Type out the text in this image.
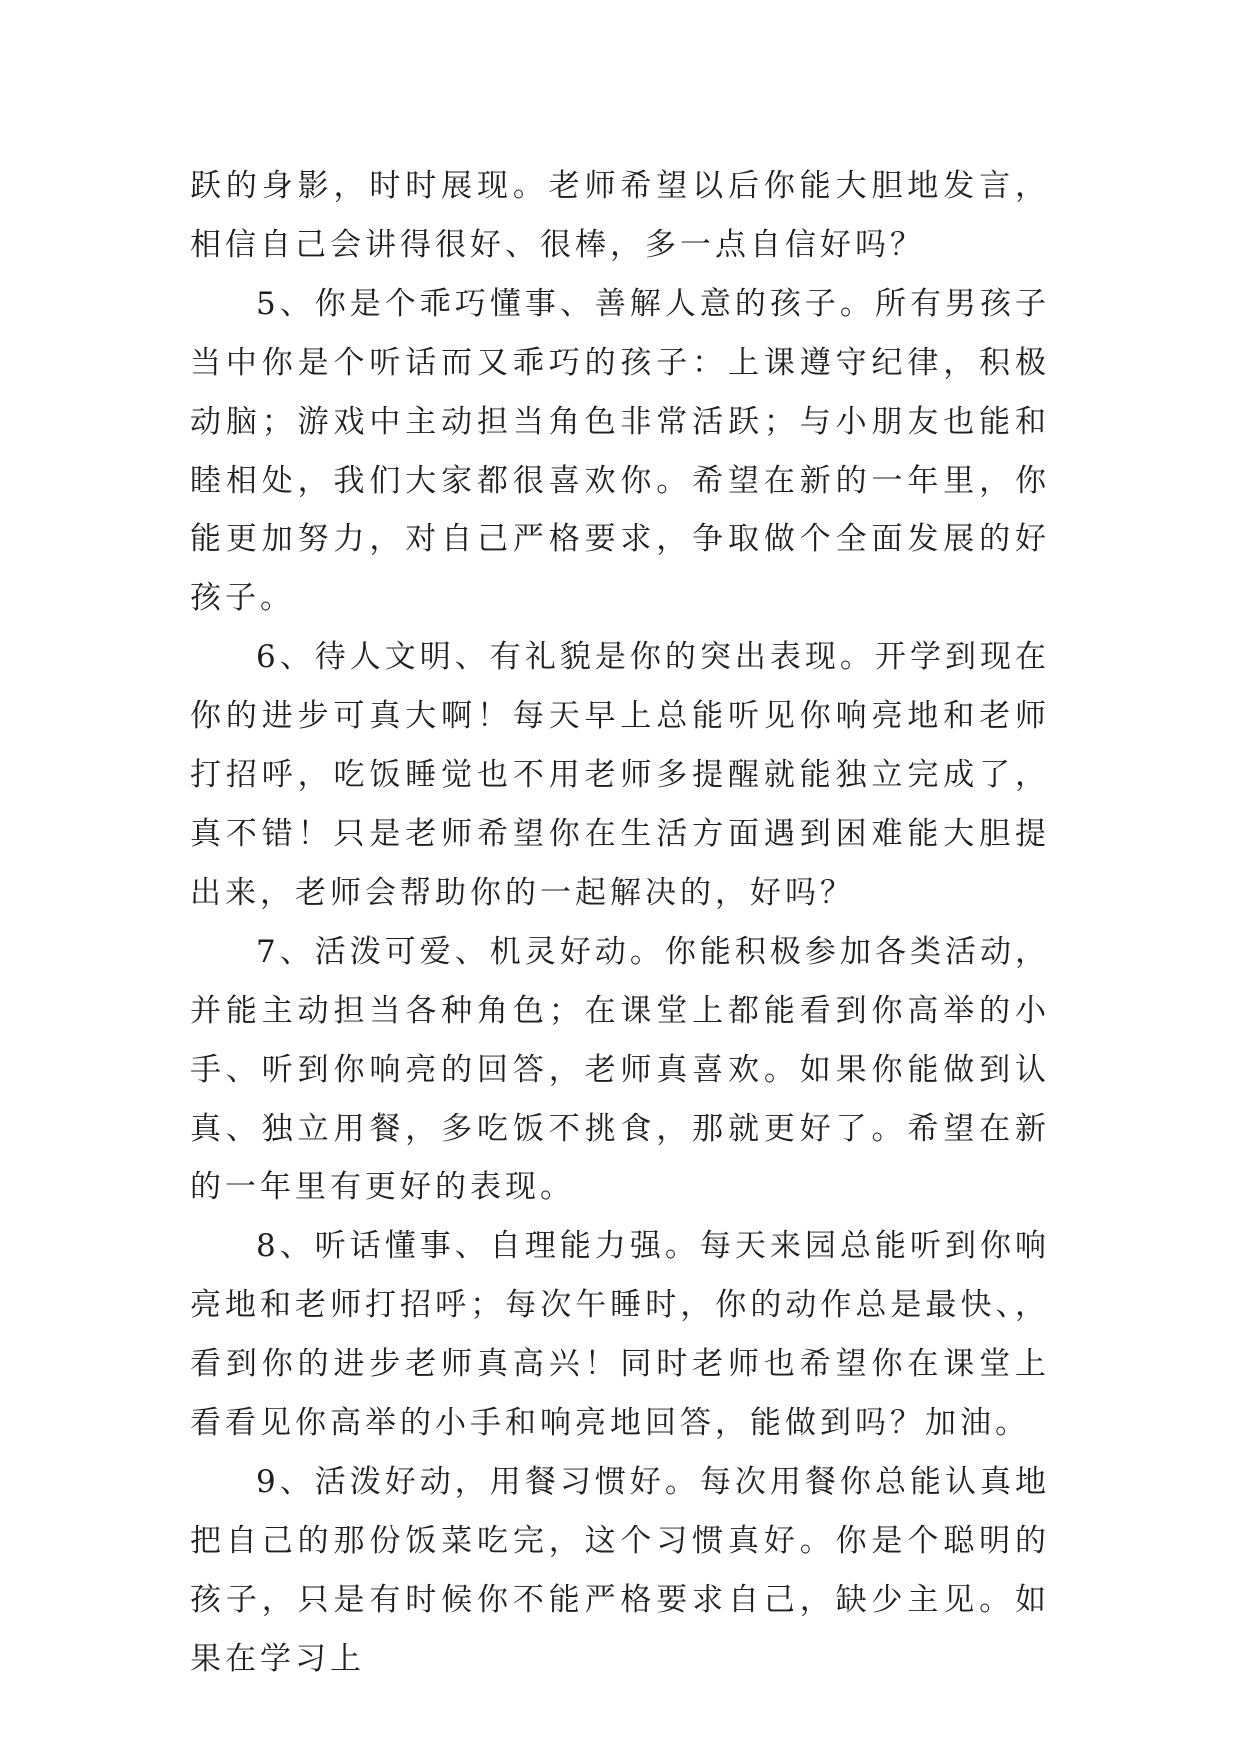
跃的身影，时时展现。老师希望以后你能大胆地发言，相信自己会讲得很好、很棒，多一点自信好吗？

5、你是个乖巧懂事、善解人意的孩子。所有男孩子当中你是个听话而又乖巧的孩子：上课遵守纪律，积极动脑；游戏中主动担当角色非常活跃；与小朋友也能和睦相处，我们大家都很喜欢你。希望在新的一年里，你能更加努力，对自己严格要求，争取做个全面发展的好孩子。

6、待人文明、有礼貌是你的突出表现。开学到现在你的进步可真大啊！每天早上总能听见你响亮地和老师打招呼，吃饭睡觉也不用老师多提醒就能独立完成了，真不错！只是老师希望你在生活方面遇到困难能大胆提出来，老师会帮助你的一起解决的，好吗？

7、活泼可爱、机灵好动。你能积极参加各类活动，并能主动担当各种角色；在课堂上都能看到你高举的小手、听到你响亮的回答，老师真喜欢。如果你能做到认真、独立用餐，多吃饭不挑食，那就更好了。希望在新的一年里有更好的表现。

8、听话懂事、自理能力强。每天来园总能听到你响亮地和老师打招呼；每次午睡时，你的动作总是最快、，看到你的进步老师真高兴！同时老师也希望你在课堂上看看见你高举的小手和响亮地回答，能做到吗？加油。

9、活泼好动，用餐习惯好。每次用餐你总能认真地把自己的那份饭菜吃完，这个习惯真好。你是个聪明的孩子，只是有时候你不能严格要求自己，缺少主见。如果在学习上
